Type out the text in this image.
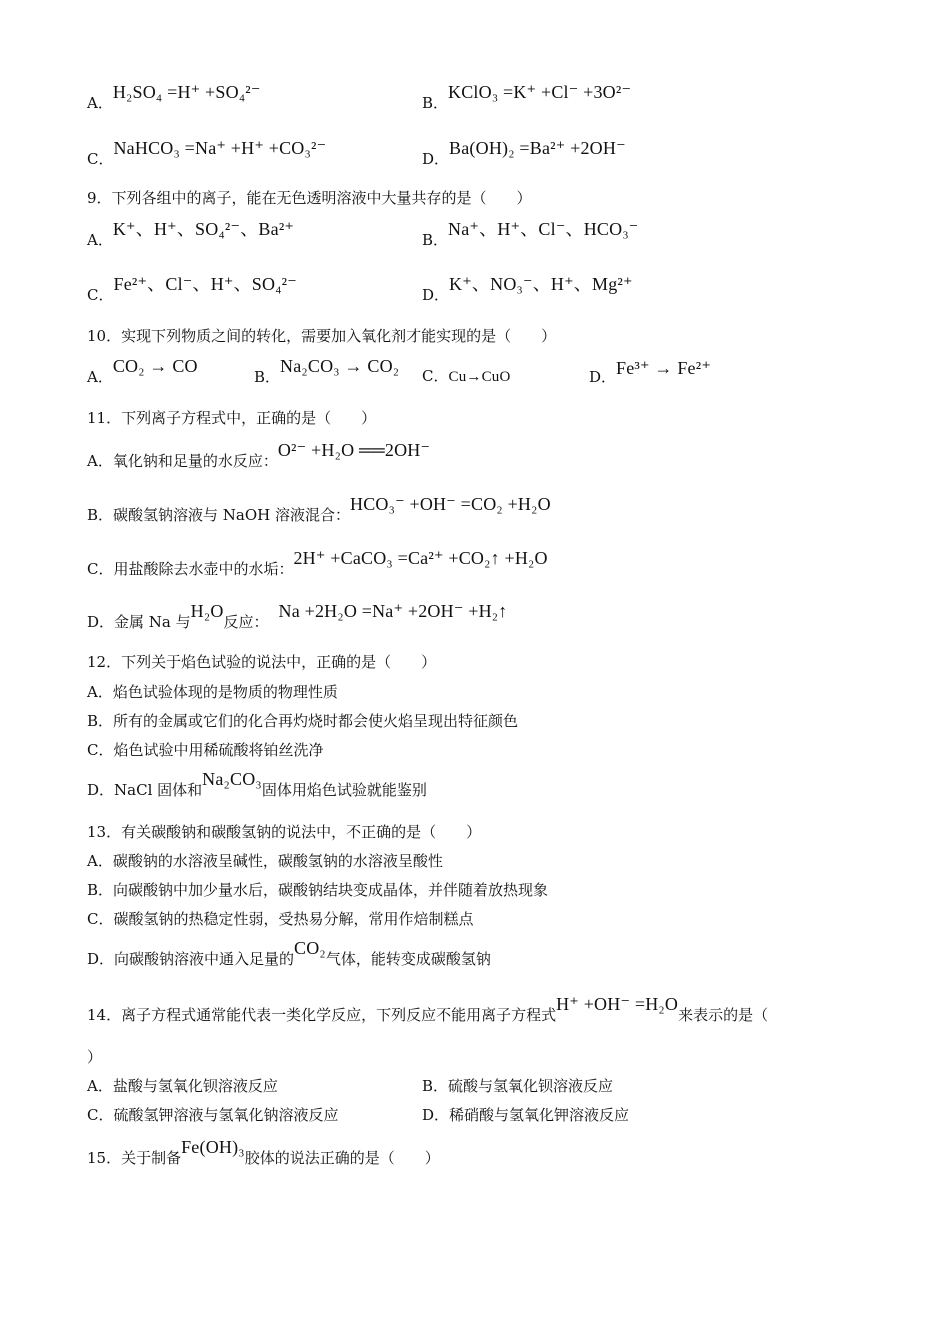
A．H₂SO₄ =H⁺ +SO₄²⁻
B．KClO₃ =K⁺ +Cl⁻ +3O²⁻
C．NaHCO₃ =Na⁺ +H⁺ +CO₃²⁻
D．Ba(OH)₂ =Ba²⁺ +2OH⁻
9．下列各组中的离子，能在无色透明溶液中大量共存的是（　　）
A．K⁺、H⁺、SO₄²⁻、Ba²⁺
B．Na⁺、H⁺、Cl⁻、HCO₃⁻
C．Fe²⁺、Cl⁻、H⁺、SO₄²⁻
D．K⁺、NO₃⁻、H⁺、Mg²⁺
10．实现下列物质之间的转化，需要加入氧化剂才能实现的是（　　）
A．CO₂ → CO
B．Na₂CO₃ → CO₂ C．Cu→CuO	D．Fe³⁺ → Fe²⁺
11．下列离子方程式中，正确的是（　　）
A．氧化钠和足量的水反应：O²⁻ +H₂O ══2OH⁻
B．碳酸氢钠溶液与 NaOH 溶液混合：HCO₃⁻ +OH⁻ =CO₂ +H₂O
C．用盐酸除去水壶中的水垢：2H⁺ +CaCO₃ =Ca²⁺ +CO₂↑ +H₂O
D．金属 Na 与H₂O反应：Na +2H₂O =Na⁺ +2OH⁻ +H₂↑
12．下列关于焰色试验的说法中，正确的是（　　）
A．焰色试验体现的是物质的物理性质
B．所有的金属或它们的化合再灼烧时都会使火焰呈现出特征颜色
C．焰色试验中用稀硫酸将铂丝洗净
D．NaCl 固体和Na₂CO₃固体用焰色试验就能鉴别
13．有关碳酸钠和碳酸氢钠的说法中，不正确的是（　　）
A．碳酸钠的水溶液呈碱性，碳酸氢钠的水溶液呈酸性
B．向碳酸钠中加少量水后，碳酸钠结块变成晶体，并伴随着放热现象
C．碳酸氢钠的热稳定性弱，受热易分解，常用作焙制糕点
D．向碳酸钠溶液中通入足量的CO₂气体，能转变成碳酸氢钠
14．离子方程式通常能代表一类化学反应，下列反应不能用离子方程式H⁺ +OH⁻ =H₂O来表示的是（
）
A．盐酸与氢氧化钡溶液反应	B．硫酸与氢氧化钡溶液反应
C．硫酸氢钾溶液与氢氧化钠溶液反应	D．稀硝酸与氢氧化钾溶液反应
15．关于制备Fe(OH)₃胶体的说法正确的是（　　）
